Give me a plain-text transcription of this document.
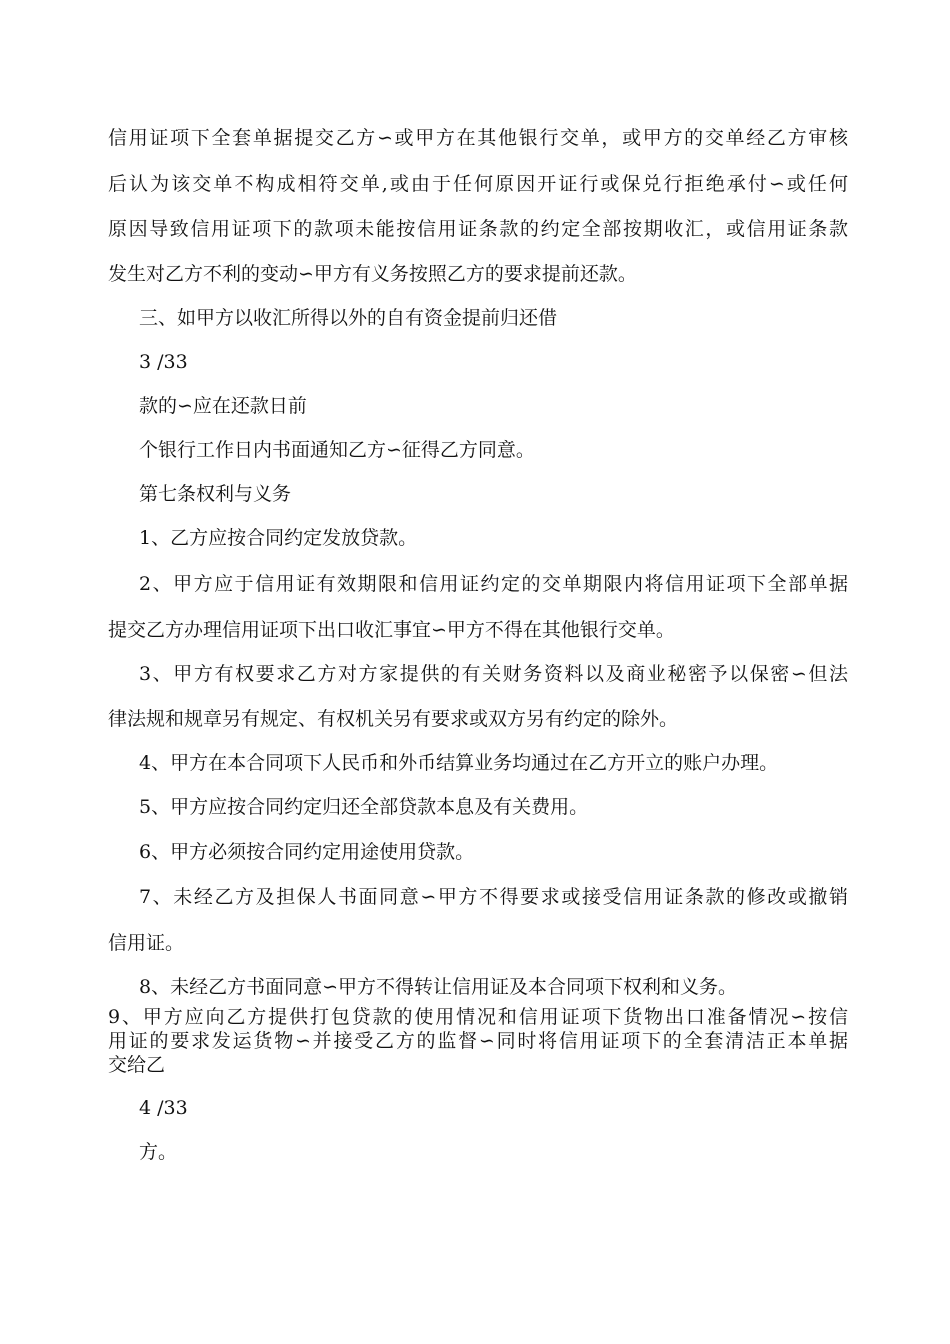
信用证项下全套单据提交乙方∽或甲方在其他银行交单，或甲方的交单经乙方审核
后认为该交单不构成相符交单,或由于任何原因开证行或保兑行拒绝承付∽或任何
原因导致信用证项下的款项未能按信用证条款的约定全部按期收汇，或信用证条款
发生对乙方不利的变动∽甲方有义务按照乙方的要求提前还款。
三、如甲方以收汇所得以外的自有资金提前归还借
3 /33
款的∽应在还款日前
个银行工作日内书面通知乙方∽征得乙方同意。
第七条权利与义务
1、乙方应按合同约定发放贷款。
2、甲方应于信用证有效期限和信用证约定的交单期限内将信用证项下全部单据
提交乙方办理信用证项下出口收汇事宜∽甲方不得在其他银行交单。
3、甲方有权要求乙方对方家提供的有关财务资料以及商业秘密予以保密∽但法
律法规和规章另有规定、有权机关另有要求或双方另有约定的除外。
4、甲方在本合同项下人民币和外币结算业务均通过在乙方开立的账户办理。
5、甲方应按合同约定归还全部贷款本息及有关费用。
6、甲方必须按合同约定用途使用贷款。
7、未经乙方及担保人书面同意∽甲方不得要求或接受信用证条款的修改或撤销
信用证。
8、未经乙方书面同意∽甲方不得转让信用证及本合同项下权利和义务。
9、甲方应向乙方提供打包贷款的使用情况和信用证项下货物出口准备情况∽按信
用证的要求发运货物∽并接受乙方的监督∽同时将信用证项下的全套清洁正本单据
交给乙
4 /33
方。
